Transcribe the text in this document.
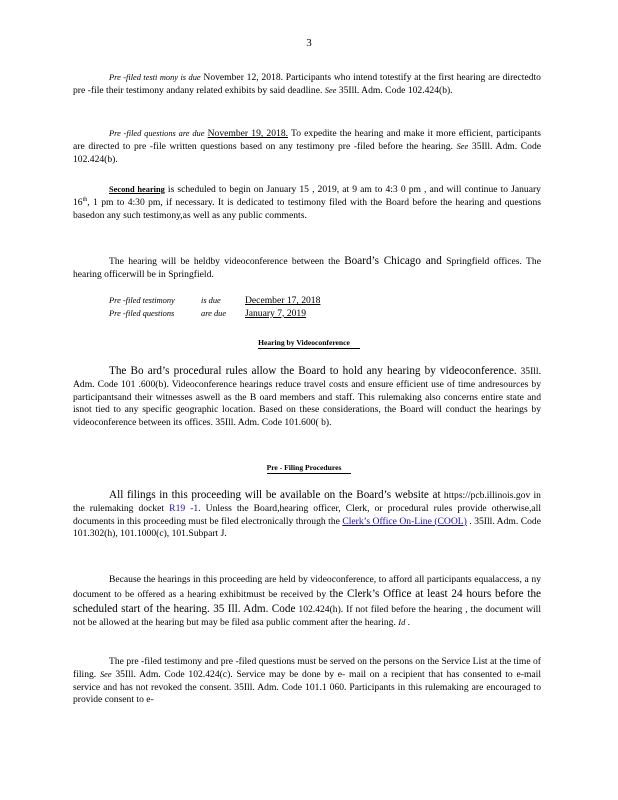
3
Pre -filed testi mony is due November 12, 2018. Participants who intend totestify at the first hearing are directedto pre -file their testimony andany related exhibits by said deadline. See 35Ill. Adm. Code 102.424(b).
Pre -filed questions are due November 19, 2018. To expedite the hearing and make it more efficient, participants are directed to pre -file written questions based on any testimony pre -filed before the hearing. See 35Ill. Adm. Code 102.424(b).
Second hearing is scheduled to begin on January 15 , 2019, at 9 am to 4:3 0 pm , and will continue to January 16th, 1 pm to 4:30 pm, if necessary. It is dedicated to testimony filed with the Board before the hearing and questions basedon any such testimony,as well as any public comments.
The hearing will be heldby videoconference between the Board’s Chicago and Springfield offices. The hearing officerwill be in Springfield.
Pre -filed testimony	is due	December 17, 2018
Pre -filed questions	are due	January 7, 2019
Hearing by Videoconference
The Bo ard’s procedural rules allow the Board to hold any hearing by videoconference. 35Ill. Adm. Code 101 .600(b). Videoconference hearings reduce travel costs and ensure efficient use of time andresources by participantsand their witnesses aswell as the B oard members and staff. This rulemaking also concerns entire state and isnot tied to any specific geographic location. Based on these considerations, the Board will conduct the hearings by videoconference between its offices. 35Ill. Adm. Code 101.600( b).
Pre - Filing Procedures
All filings in this proceeding will be available on the Board’s website at https://pcb.illinois.gov in the rulemaking docket R19 -1. Unless the Board,hearing officer, Clerk, or procedural rules provide otherwise,all documents in this proceeding must be filed electronically through the Clerk’s Office On-Line (COOL) . 35Ill. Adm. Code 101.302(h), 101.1000(c), 101.Subpart J.
Because the hearings in this proceeding are held by videoconference, to afford all participants equalaccess, a ny document to be offered as a hearing exhibitmust be received by the Clerk’s Office at least 24 hours before the scheduled start of the hearing. 35 Ill. Adm. Code 102.424(h). If not filed before the hearing , the document will not be allowed at the hearing but may be filed asa public comment after the hearing. Id .
The pre -filed testimony and pre -filed questions must be served on the persons on the Service List at the time of filing. See 35Ill. Adm. Code 102.424(c). Service may be done by e- mail on a recipient that has consented to e-mail service and has not revoked the consent. 35Ill. Adm. Code 101.1 060. Participants in this rulemaking are encouraged to provide consent to e-
